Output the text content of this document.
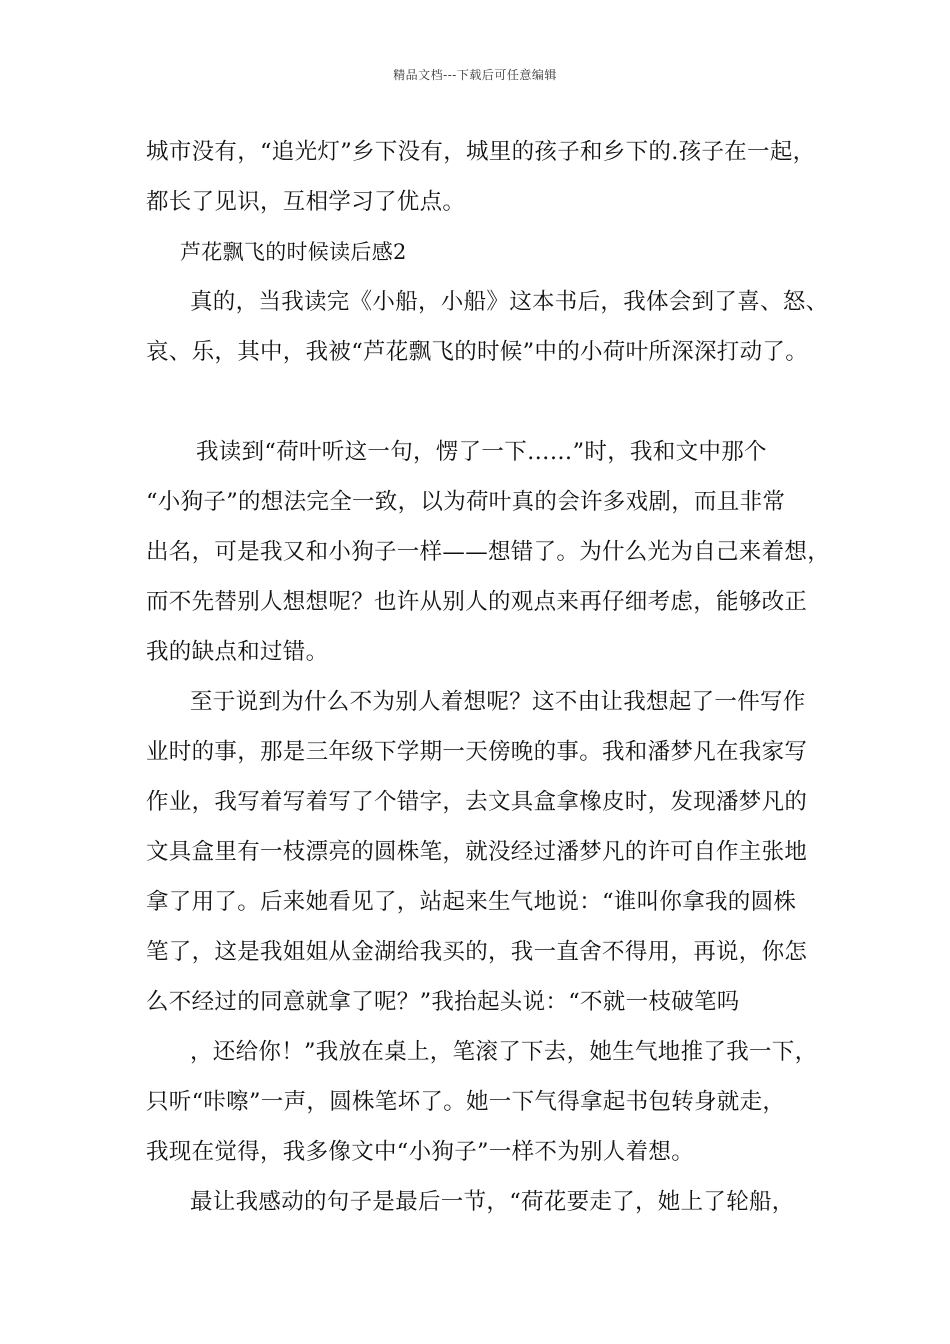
精品文档---下载后可任意编辑
城市没有，“追光灯”乡下没有，城里的孩子和乡下的.孩子在一起，
都长了见识，互相学习了优点。
芦花飘飞的时候读后感2
真的，当我读完《小船，小船》这本书后，我体会到了喜、怒、
哀、乐，其中，我被“芦花飘飞的时候”中的小荷叶所深深打动了。
我读到“荷叶听这一句，愣了一下……”时，我和文中那个
“小狗子”的想法完全一致，以为荷叶真的会许多戏剧，而且非常
出名，可是我又和小狗子一样——想错了。为什么光为自己来着想，
而不先替别人想想呢？也许从别人的观点来再仔细考虑，能够改正
我的缺点和过错。
至于说到为什么不为别人着想呢？这不由让我想起了一件写作
业时的事，那是三年级下学期一天傍晚的事。我和潘梦凡在我家写
作业，我写着写着写了个错字，去文具盒拿橡皮时，发现潘梦凡的
文具盒里有一枝漂亮的圆株笔，就没经过潘梦凡的许可自作主张地
拿了用了。后来她看见了，站起来生气地说：“谁叫你拿我的圆株
笔了，这是我姐姐从金湖给我买的，我一直舍不得用，再说，你怎
么不经过的同意就拿了呢？”我抬起头说：“不就一枝破笔吗
，还给你！”我放在桌上，笔滚了下去，她生气地推了我一下，
只听“咔嚓”一声，圆株笔坏了。她一下气得拿起书包转身就走，
我现在觉得，我多像文中“小狗子”一样不为别人着想。
最让我感动的句子是最后一节，“荷花要走了，她上了轮船，
